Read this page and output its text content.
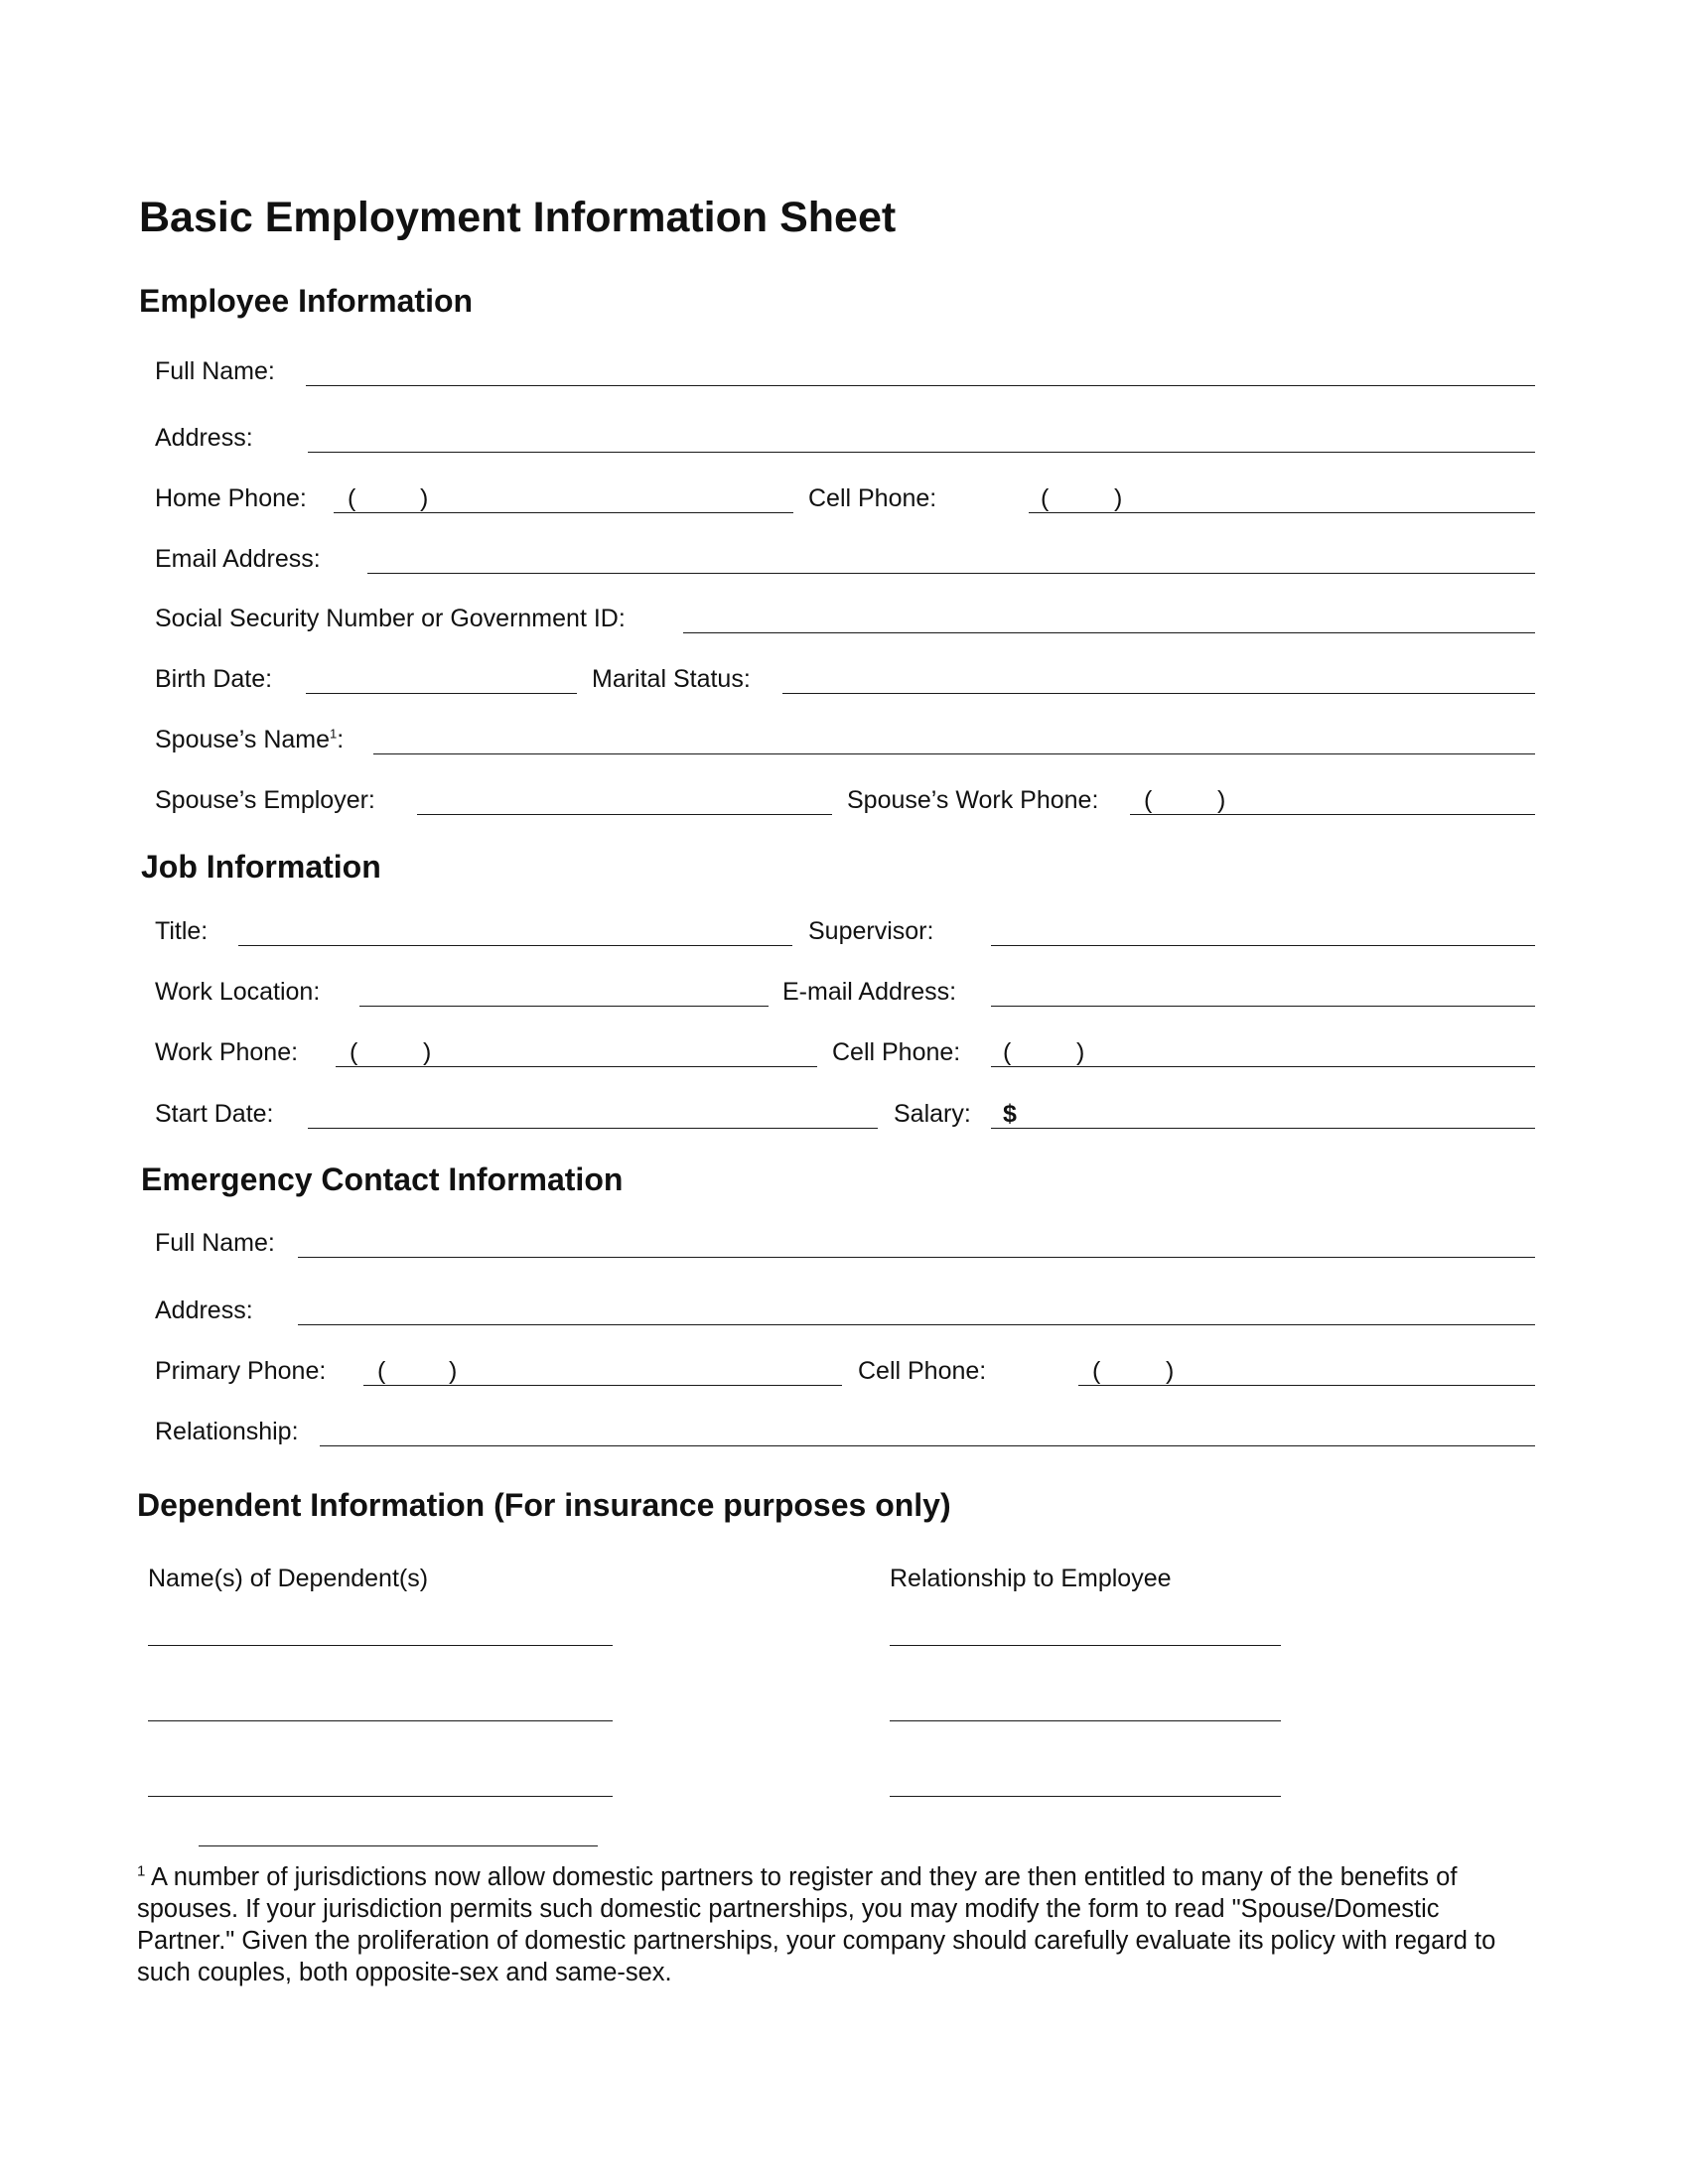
Basic Employment Information Sheet
Employee Information
Full Name:
Address:
Home Phone: (	)	Cell Phone:	(	)
Email Address:
Social Security Number or Government ID:
Birth Date:	Marital Status:
Spouse’s Name$^1$:
Spouse’s Employer:	Spouse’s Work Phone: (	)
Job Information
Title:	Supervisor:
Work Location:	E-mail Address:
Work Phone: (	)	Cell Phone: (	)
Start Date:	Salary: $
Emergency Contact Information
Full Name:
Address:
Primary Phone: (	)	Cell Phone:	(	)
Relationship:
Dependent Information (For insurance purposes only)
Name(s) of Dependent(s)	Relationship to Employee
$^1$ A number of jurisdictions now allow domestic partners to register and they are then entitled to many of the benefits of spouses. If your jurisdiction permits such domestic partnerships, you may modify the form to read "Spouse/Domestic Partner." Given the proliferation of domestic partnerships, your company should carefully evaluate its policy with regard to such couples, both opposite-sex and same-sex.
